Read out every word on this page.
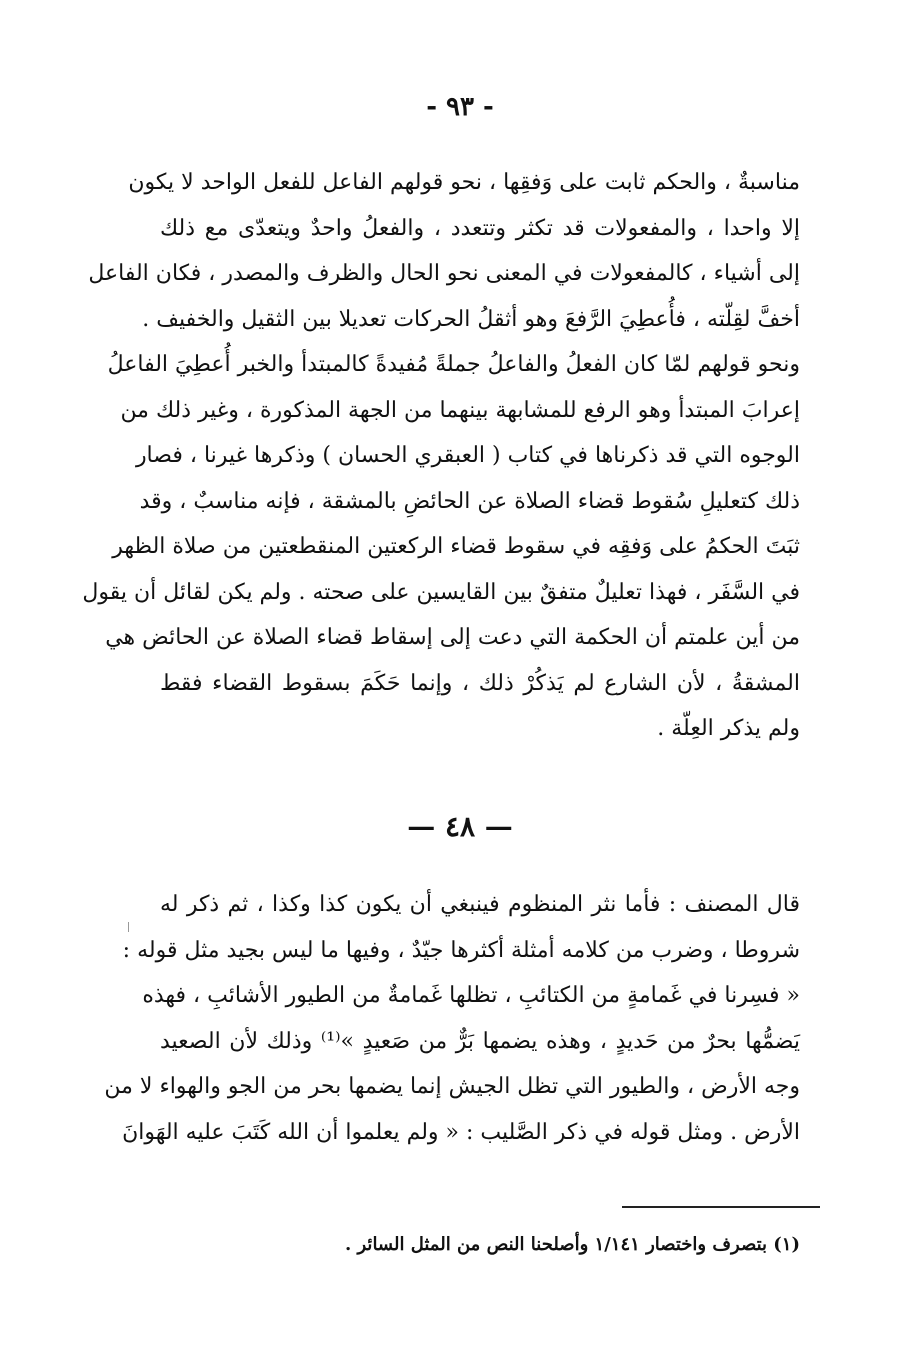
- ٩٣ -
مناسبةٌ ، والحكم ثابت على وَفقِها ، نحو قولهم الفاعل للفعل الواحد لا يكون
إلا واحدا ، والمفعولات قد تكثر وتتعدد ، والفعلُ واحدٌ ويتعدّى مع ذلك
إلى أشياء ، كالمفعولات في المعنى نحو الحال والظرف والمصدر ، فكان الفاعل
أخفَّ لقِلّته ، فأُعطِيَ الرَّفعَ وهو أثقلُ الحركات تعديلا بين الثقيل والخفيف .
ونحو قولهم لمّا كان الفعلُ والفاعلُ جملةً مُفيدةً كالمبتدأ والخبر أُعطِيَ الفاعلُ
إعرابَ المبتدأ وهو الرفع للمشابهة بينهما من الجهة المذكورة ، وغير ذلك من
الوجوه التي قد ذكرناها في كتاب ( العبقري الحسان ) وذكرها غيرنا ، فصار
ذلك كتعليلِ سُقوط قضاء الصلاة عن الحائضِ بالمشقة ، فإنه مناسبٌ ، وقد
ثبَتَ الحكمُ على وَفقِه في سقوط قضاء الركعتين المنقطعتين من صلاة الظهر
في السَّفَر ، فهذا تعليلٌ متفقٌ بين القايسين على صحته . ولم يكن لقائل أن يقول
من أين علمتم أن الحكمة التي دعت إلى إسقاط قضاء الصلاة عن الحائض هي
المشقةُ ، لأن الشارع لم يَذكُرْ ذلك ، وإنما حَكَمَ بسقوط القضاء فقط
ولم يذكر العِلّة .
— ٤٨ —
قال المصنف : فأما نثر المنظوم فينبغي أن يكون كذا وكذا ، ثم ذكر له
شروطا ، وضرب من كلامه أمثلة أكثرها جيّدٌ ، وفيها ما ليس بجيد مثل قوله :
« فسِرنا في غَمامةٍ من الكتائبِ ، تظلها غَمامةٌ من الطيور الأشائبِ ، فهذه
يَضمُّها بحرٌ من حَديدٍ ، وهذه يضمها بَرٌّ من صَعيدٍ »⁽¹⁾ وذلك لأن الصعيد
وجه الأرض ، والطيور التي تظل الجيش إنما يضمها بحر من الجو والهواء لا من
الأرض . ومثل قوله في ذكر الصَّليب : « ولم يعلموا أن الله كَتَبَ عليه الهَوانَ
(١) بتصرف واختصار ١/١٤١ وأصلحنا النص من المثل السائر .
